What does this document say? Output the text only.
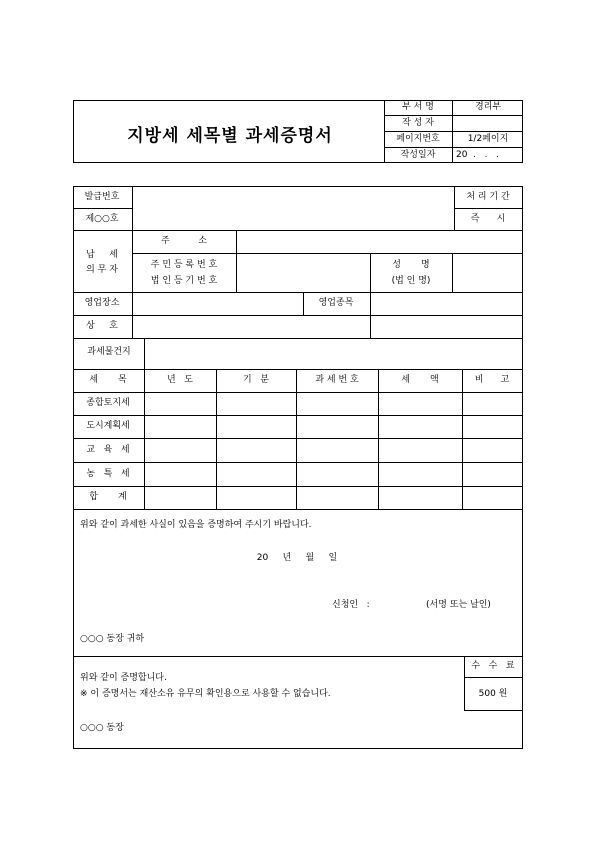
지방세 세목별 과세증명서
부 서 명	경리부
작 성 자
페이지번호	1/2페이지
작성일자 20  .   .   .
발급번호
제○○호
처 리 기 간
즉      시
납     세
의 무 자
주          소
주 민 등 록 번 호
법 인 등 기 번 호
성       명
(법 인 명)
영업장소	영업종목
상     호
과세물건지
세       목	년   도	기   분	과 세 번 호	세       액	비      고
종합토지세
도시계획세
교   육   세
농   특   세
합       계
위와 같이 과세한 사실이 있음을 증명하여 주시기 바랍니다.
20     년     월     일
신청인   :	(서명 또는 날인)
○○○ 동장 귀하
수   수   료
500 원
위와 같이 증명합니다.
※ 이 증명서는 재산소유 유무의 확인용으로 사용할 수 없습니다.
○○○ 동장
